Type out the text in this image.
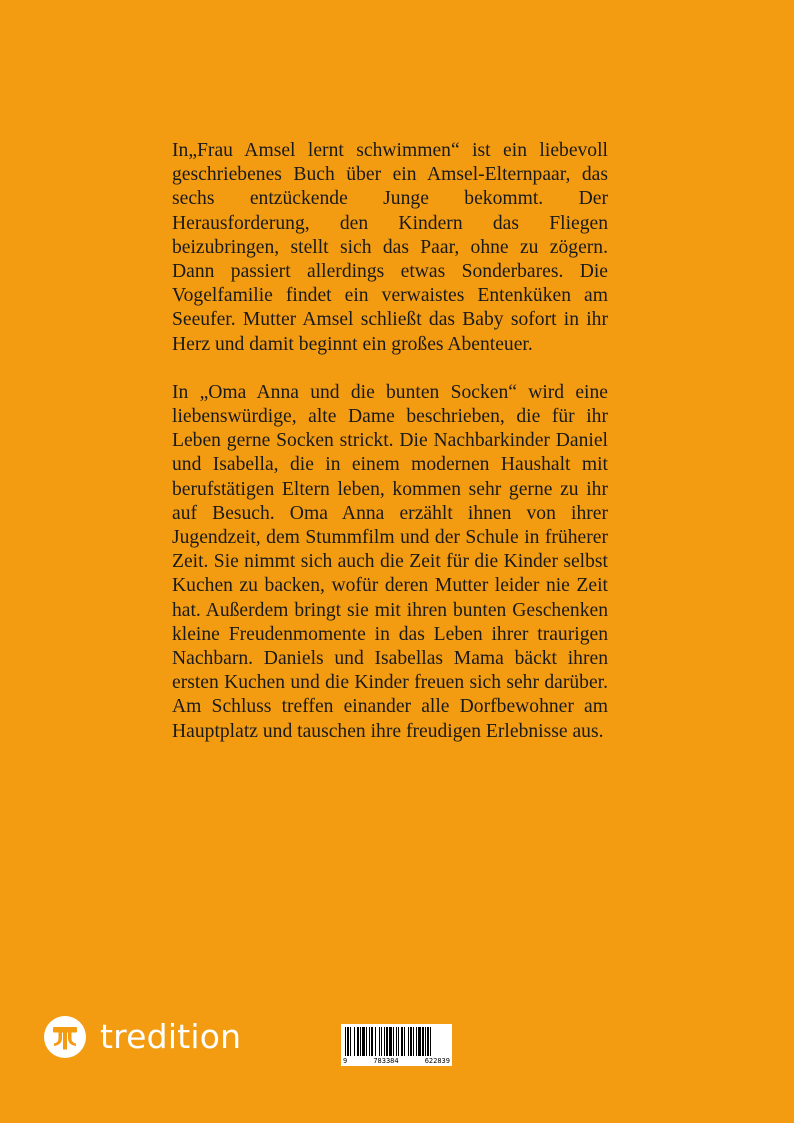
In„Frau Amsel lernt schwimmen“ ist ein liebevoll geschriebenes Buch über ein Amsel-Elternpaar, das sechs entzückende Junge bekommt. Der Herausforderung, den Kindern das Fliegen beizubringen, stellt sich das Paar, ohne zu zögern. Dann passiert allerdings etwas Sonderbares. Die Vogelfamilie findet ein verwaistes Entenküken am Seeufer. Mutter Amsel schließt das Baby sofort in ihr Herz und damit beginnt ein großes Abenteuer.

In „Oma Anna und die bunten Socken“ wird eine liebenswürdige, alte Dame beschrieben, die für ihr Leben gerne Socken strickt. Die Nachbarkinder Daniel und Isabella, die in einem modernen Haushalt mit berufstätigen Eltern leben, kommen sehr gerne zu ihr auf Besuch. Oma Anna erzählt ihnen von ihrer Jugendzeit, dem Stummfilm und der Schule in früherer Zeit. Sie nimmt sich auch die Zeit für die Kinder selbst Kuchen zu backen, wofür deren Mutter leider nie Zeit hat. Außerdem bringt sie mit ihren bunten Geschenken kleine Freudenmomente in das Leben ihrer traurigen Nachbarn. Daniels und Isabellas Mama bäckt ihren ersten Kuchen und die Kinder freuen sich sehr darüber. Am Schluss treffen einander alle Dorfbewohner am Hauptplatz und tauschen ihre freudigen Erlebnisse aus.

tredition
9	783384	622839
